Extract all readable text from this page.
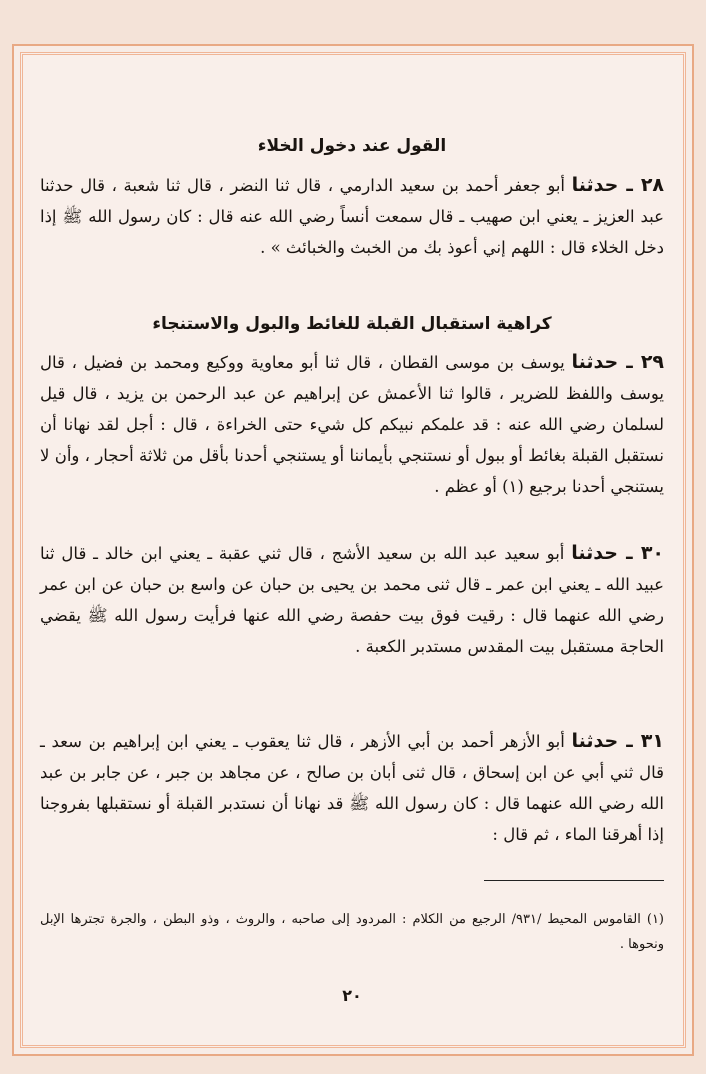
القول عند دخول الخلاء

٢٨ ـ حدثنا أبو جعفر أحمد بن سعيد الدارمي ، قال ثنا النضر ، قال ثنا شعبة ، قال حدثنا عبد العزيز ـ يعني ابن صهيب ـ قال سمعت أنساً رضي الله عنه قال : كان رسول الله ﷺ إذا دخل الخلاء قال : اللهم إني أعوذ بك من الخبث والخبائث » .

كراهية استقبال القبلة للغائط والبول والاستنجاء

٢٩ ـ حدثنا يوسف بن موسى القطان ، قال ثنا أبو معاوية ووكيع ومحمد بن فضيل ، قال يوسف واللفظ للضرير ، قالوا ثنا الأعمش عن إبراهيم عن عبد الرحمن بن يزيد ، قال قيل لسلمان رضي الله عنه : قد علمكم نبيكم كل شيء حتى الخراءة ، قال : أجل لقد نهانا أن نستقبل القبلة بغائط أو ببول أو نستنجي بأيماننا أو يستنجي أحدنا بأقل من ثلاثة أحجار ، وأن لا يستنجي أحدنا برجيع (١) أو عظم .

٣٠ ـ حدثنا أبو سعيد عبد الله بن سعيد الأشج ، قال ثني عقبة ـ يعني ابن خالد ـ قال ثنا عبيد الله ـ يعني ابن عمر ـ قال ثنى محمد بن يحيى بن حبان عن واسع بن حبان عن ابن عمر رضي الله عنهما قال : رقيت فوق بيت حفصة رضي الله عنها فرأيت رسول الله ﷺ يقضي الحاجة مستقبل بيت المقدس مستدبر الكعبة .

٣١ ـ حدثنا أبو الأزهر أحمد بن أبي الأزهر ، قال ثنا يعقوب ـ يعني ابن إبراهيم بن سعد ـ قال ثني أبي عن ابن إسحاق ، قال ثنى أبان بن صالح ، عن مجاهد بن جبر ، عن جابر بن عبد الله رضي الله عنهما قال : كان رسول الله ﷺ قد نهانا أن نستدبر القبلة أو نستقبلها بفروجنا إذا أهرقنا الماء ، ثم قال :

(١) القاموس المحيط /٩٣١/ الرجيع من الكلام : المردود إلى صاحبه ، والروث ، وذو البطن ، والجرة تجترها الإبل ونحوها .

٢٠
